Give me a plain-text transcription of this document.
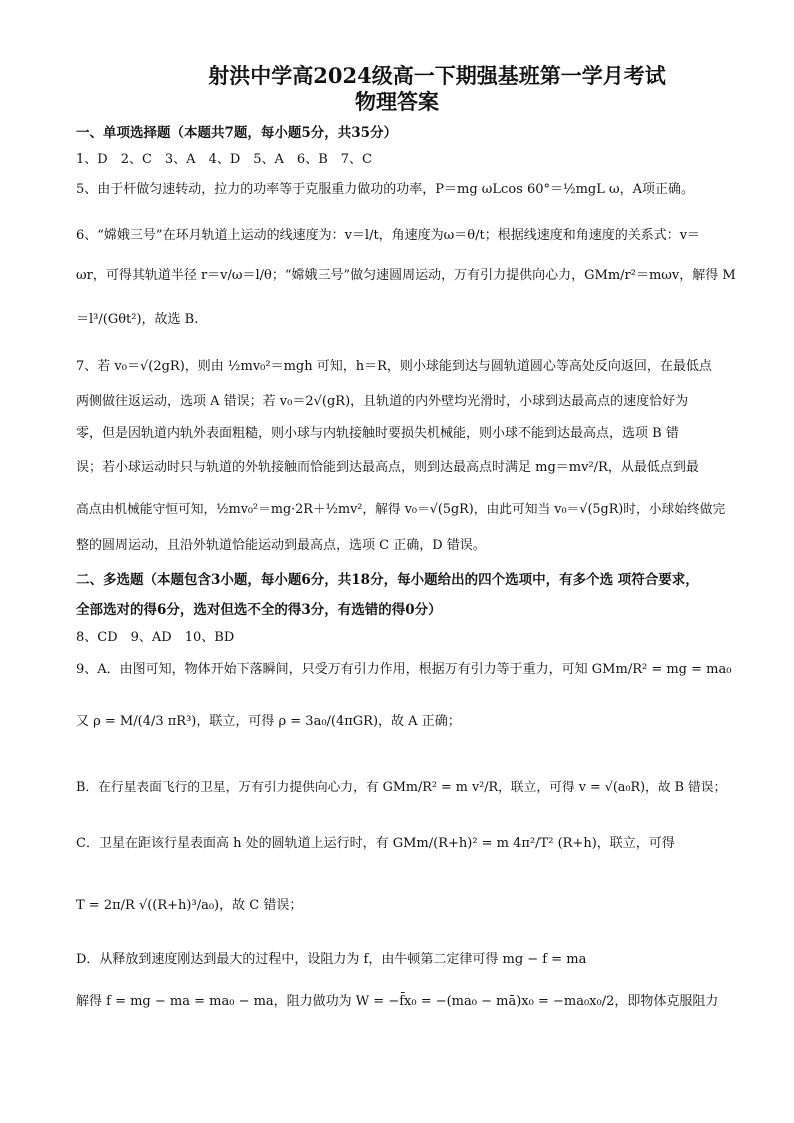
射洪中学高2024级高一下期强基班第一学月考试
物理答案
一、单项选择题（本题共7题，每小题5分，共35分）
1、D　2、C　3、A　4、D　5、A　6、B　7、C
5、由于杆做匀速转动，拉力的功率等于克服重力做功的功率，P＝mg ωLcos 60°＝½mgL ω，A项正确。
6、“嫦娥三号”在环月轨道上运动的线速度为：v＝l/t，角速度为ω＝θ/t；根据线速度和角速度的关系式：v＝
ωr，可得其轨道半径 r＝v/ω＝l/θ；“嫦娥三号”做匀速圆周运动，万有引力提供向心力，GMm/r²＝mωv，解得 M
＝l³/(Gθt²)，故选 B.
7、若 v₀＝√(2gR)，则由 ½mv₀²＝mgh 可知，h＝R，则小球能到达与圆轨道圆心等高处反向返回，在最低点
两侧做往返运动，选项 A 错误；若 v₀＝2√(gR)，且轨道的内外壁均光滑时，小球到达最高点的速度恰好为
零，但是因轨道内轨外表面粗糙，则小球与内轨接触时要损失机械能，则小球不能到达最高点，选项 B 错
误；若小球运动时只与轨道的外轨接触而恰能到达最高点，则到达最高点时满足 mg＝mv²/R，从最低点到最
高点由机械能守恒可知，½mv₀²＝mg·2R＋½mv²，解得 v₀＝√(5gR)，由此可知当 v₀＝√(5gR)时，小球始终做完
整的圆周运动，且沿外轨道恰能运动到最高点，选项 C 正确，D 错误。
二、多选题（本题包含3小题，每小题6分，共18分，每小题给出的四个选项中，有多个选 项符合要求，
全部选对的得6分，选对但选不全的得3分，有选错的得0分）
8、CD　9、AD　10、BD
9、A．由图可知，物体开始下落瞬间，只受万有引力作用，根据万有引力等于重力，可知 GMm/R² = mg = ma₀
又 ρ = M/(4/3 πR³)，联立，可得 ρ = 3a₀/(4πGR)，故 A 正确；
B．在行星表面飞行的卫星，万有引力提供向心力，有 GMm/R² = m v²/R，联立，可得 v = √(a₀R)，故 B 错误；
C．卫星在距该行星表面高 h 处的圆轨道上运行时，有 GMm/(R+h)² = m 4π²/T² (R+h)，联立，可得
T = 2π/R √((R+h)³/a₀)，故 C 错误；
D．从释放到速度刚达到最大的过程中，设阻力为 f，由牛顿第二定律可得 mg − f = ma
解得 f = mg − ma = ma₀ − ma，阻力做功为 W = −f̄x₀ = −(ma₀ − mā)x₀ = −ma₀x₀/2，即物体克服阻力
